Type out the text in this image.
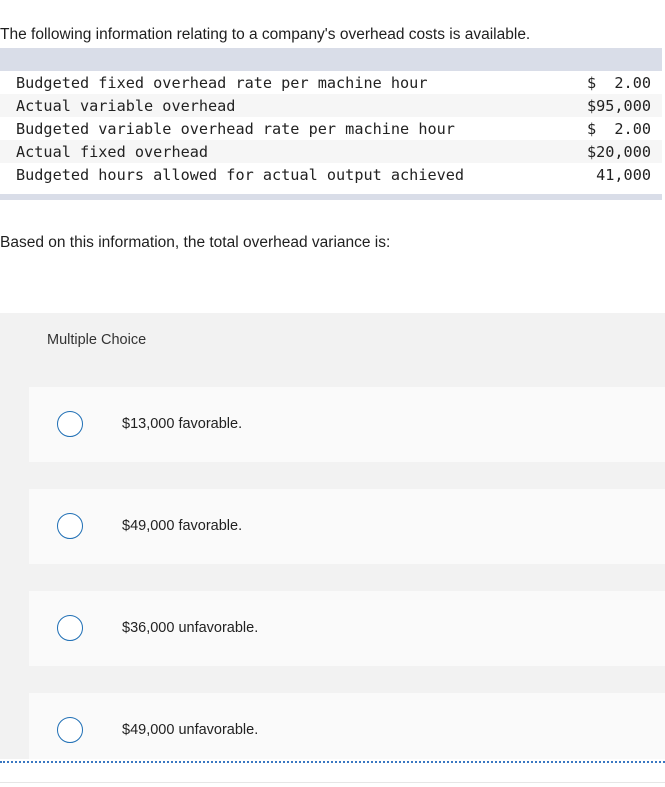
The following information relating to a company's overhead costs is available.
Budgeted fixed overhead rate per machine hour	$  2.00
Actual variable overhead	$95,000
Budgeted variable overhead rate per machine hour	$  2.00
Actual fixed overhead	$20,000
Budgeted hours allowed for actual output achieved	41,000
Based on this information, the total overhead variance is:
Multiple Choice
$13,000 favorable.
$49,000 favorable.
$36,000 unfavorable.
$49,000 unfavorable.
